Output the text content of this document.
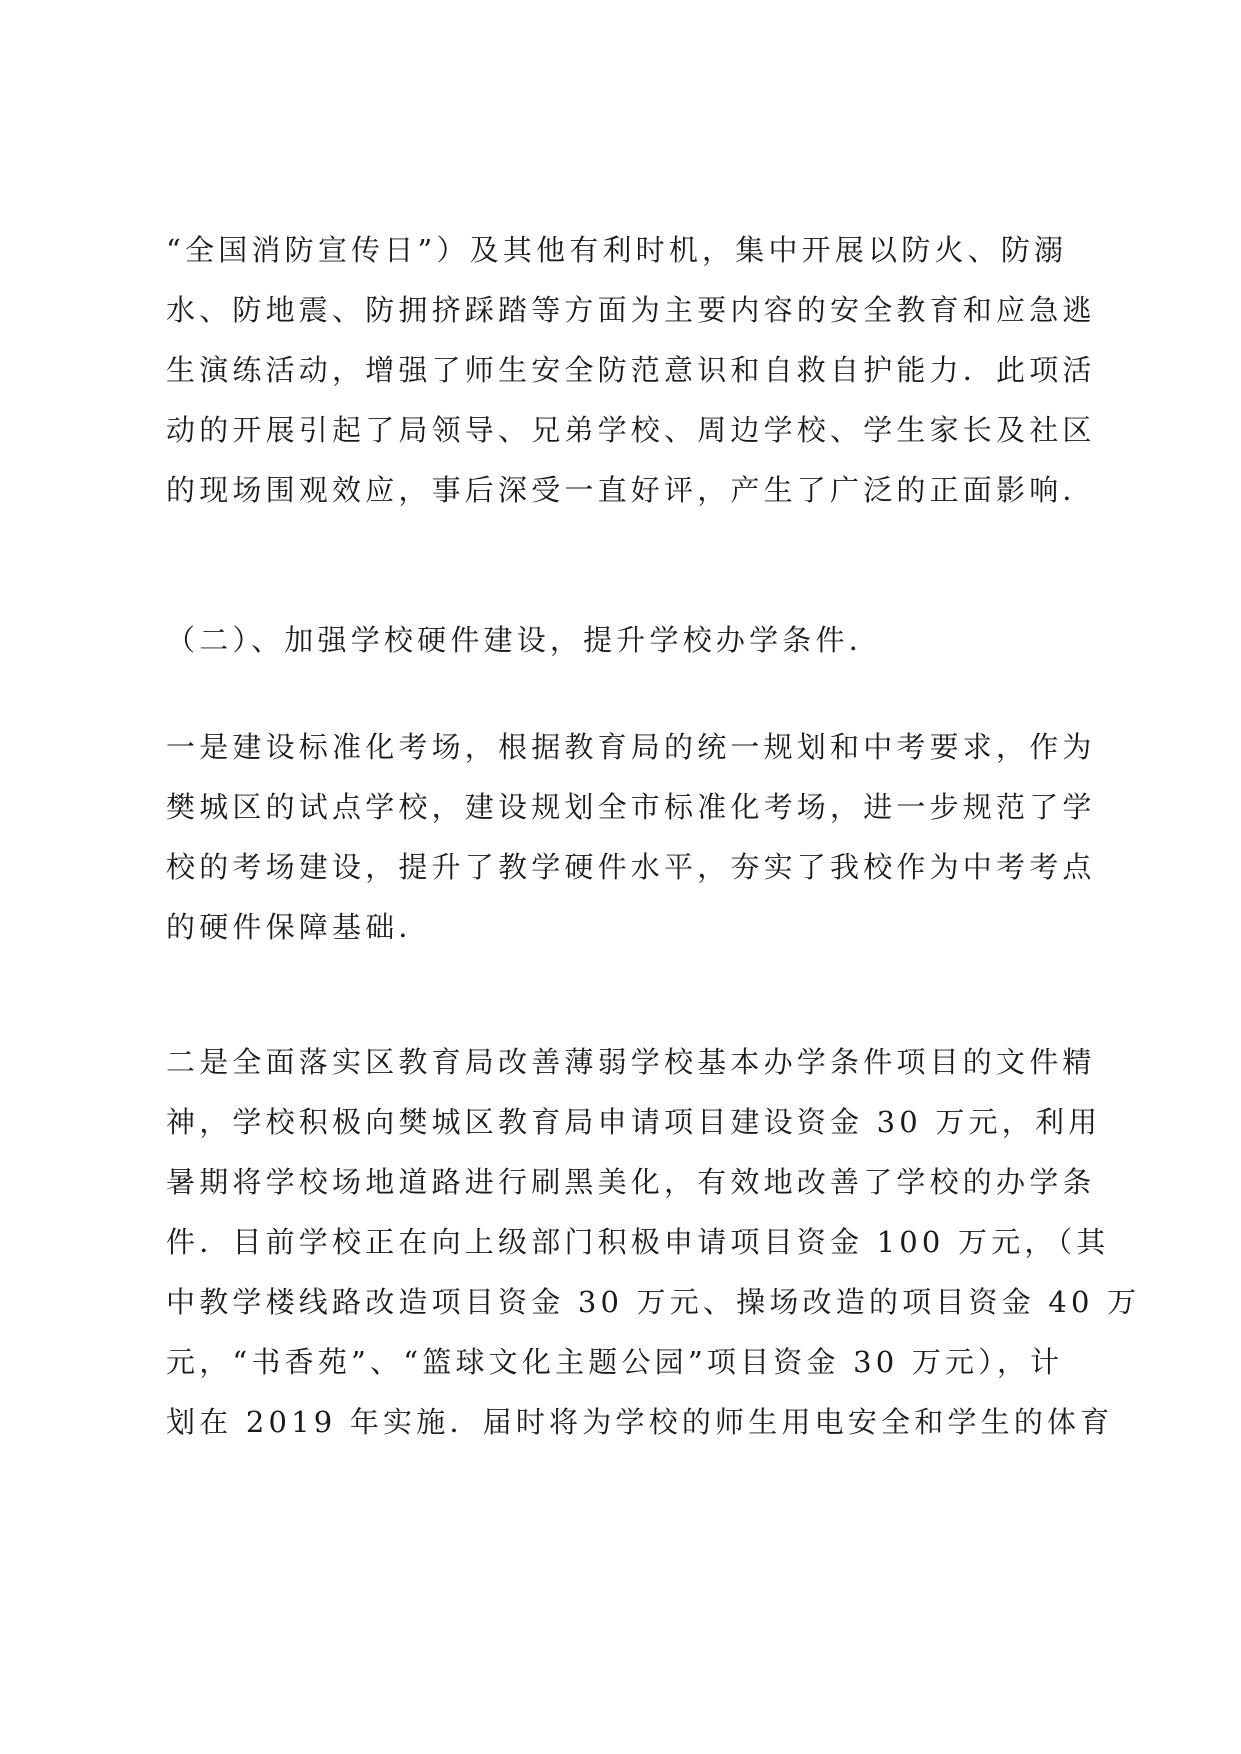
“全国消防宣传日”）及其他有利时机，集中开展以防火、防溺
水、防地震、防拥挤踩踏等方面为主要内容的安全教育和应急逃
生演练活动，增强了师生安全防范意识和自救自护能力．此项活
动的开展引起了局领导、兄弟学校、周边学校、学生家长及社区
的现场围观效应，事后深受一直好评，产生了广泛的正面影响．

（二）、加强学校硬件建设，提升学校办学条件．

一是建设标准化考场，根据教育局的统一规划和中考要求，作为
樊城区的试点学校，建设规划全市标准化考场，进一步规范了学
校的考场建设，提升了教学硬件水平，夯实了我校作为中考考点
的硬件保障基础．

二是全面落实区教育局改善薄弱学校基本办学条件项目的文件精
神，学校积极向樊城区教育局申请项目建设资金 30 万元，利用
暑期将学校场地道路进行刷黑美化，有效地改善了学校的办学条
件．目前学校正在向上级部门积极申请项目资金 100 万元，（其
中教学楼线路改造项目资金 30 万元、操场改造的项目资金 40 万
元，“书香苑”、“篮球文化主题公园”项目资金 30 万元），计
划在 2019 年实施．届时将为学校的师生用电安全和学生的体育
